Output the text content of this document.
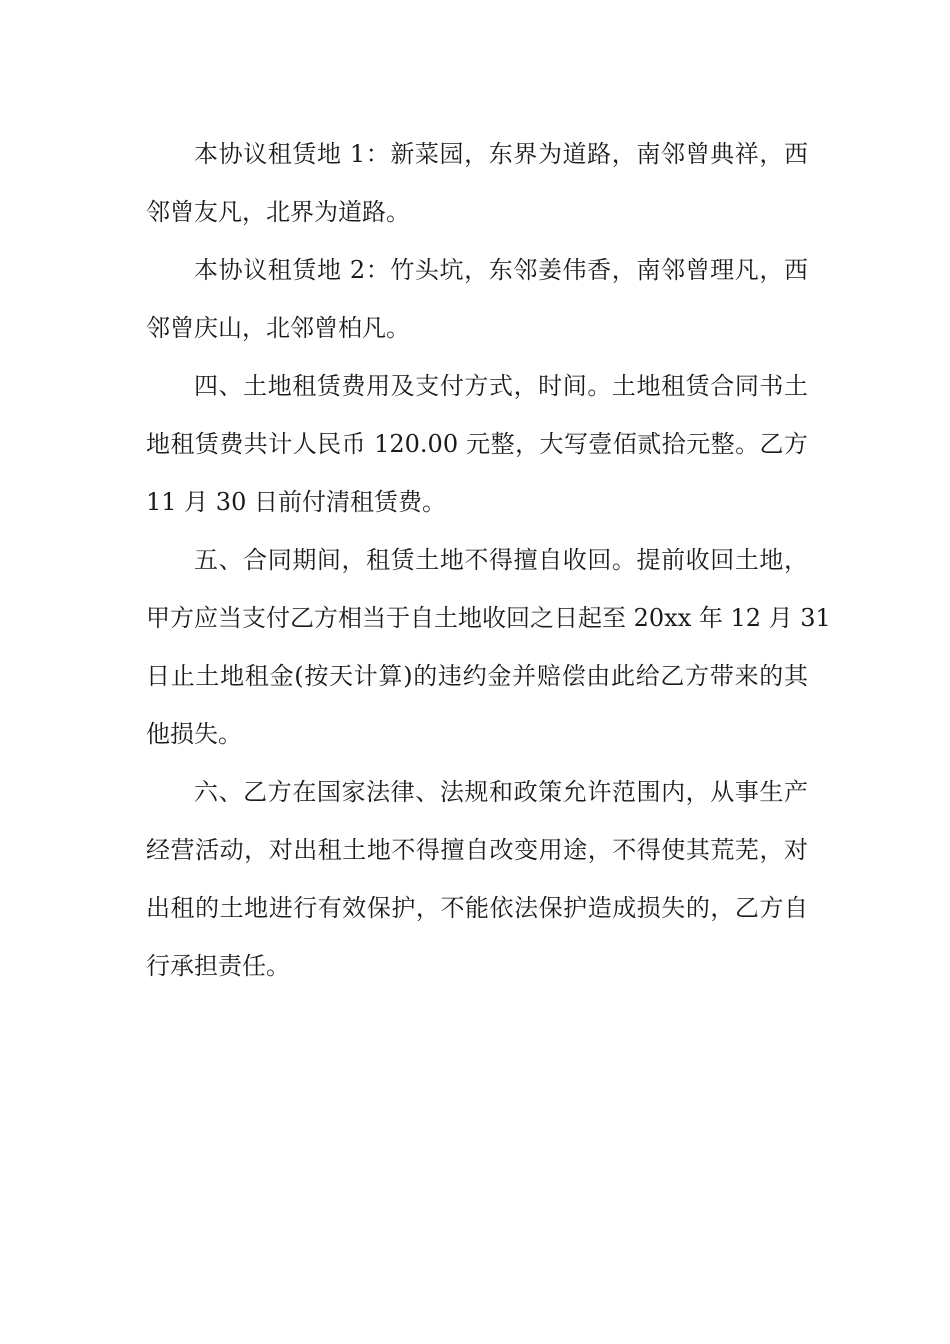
本协议租赁地 1：新菜园，东界为道路，南邻曾典祥，西
邻曾友凡，北界为道路。
本协议租赁地 2：竹头坑，东邻姜伟香，南邻曾理凡，西
邻曾庆山，北邻曾柏凡。
四、土地租赁费用及支付方式，时间。土地租赁合同书土
地租赁费共计人民币 120.00 元整，大写壹佰贰拾元整。乙方
11 月 30 日前付清租赁费。
五、合同期间，租赁土地不得擅自收回。提前收回土地，
甲方应当支付乙方相当于自土地收回之日起至 20xx 年 12 月 31
日止土地租金(按天计算)的违约金并赔偿由此给乙方带来的其
他损失。
六、乙方在国家法律、法规和政策允许范围内，从事生产
经营活动，对出租土地不得擅自改变用途，不得使其荒芜，对
出租的土地进行有效保护，不能依法保护造成损失的，乙方自
行承担责任。
